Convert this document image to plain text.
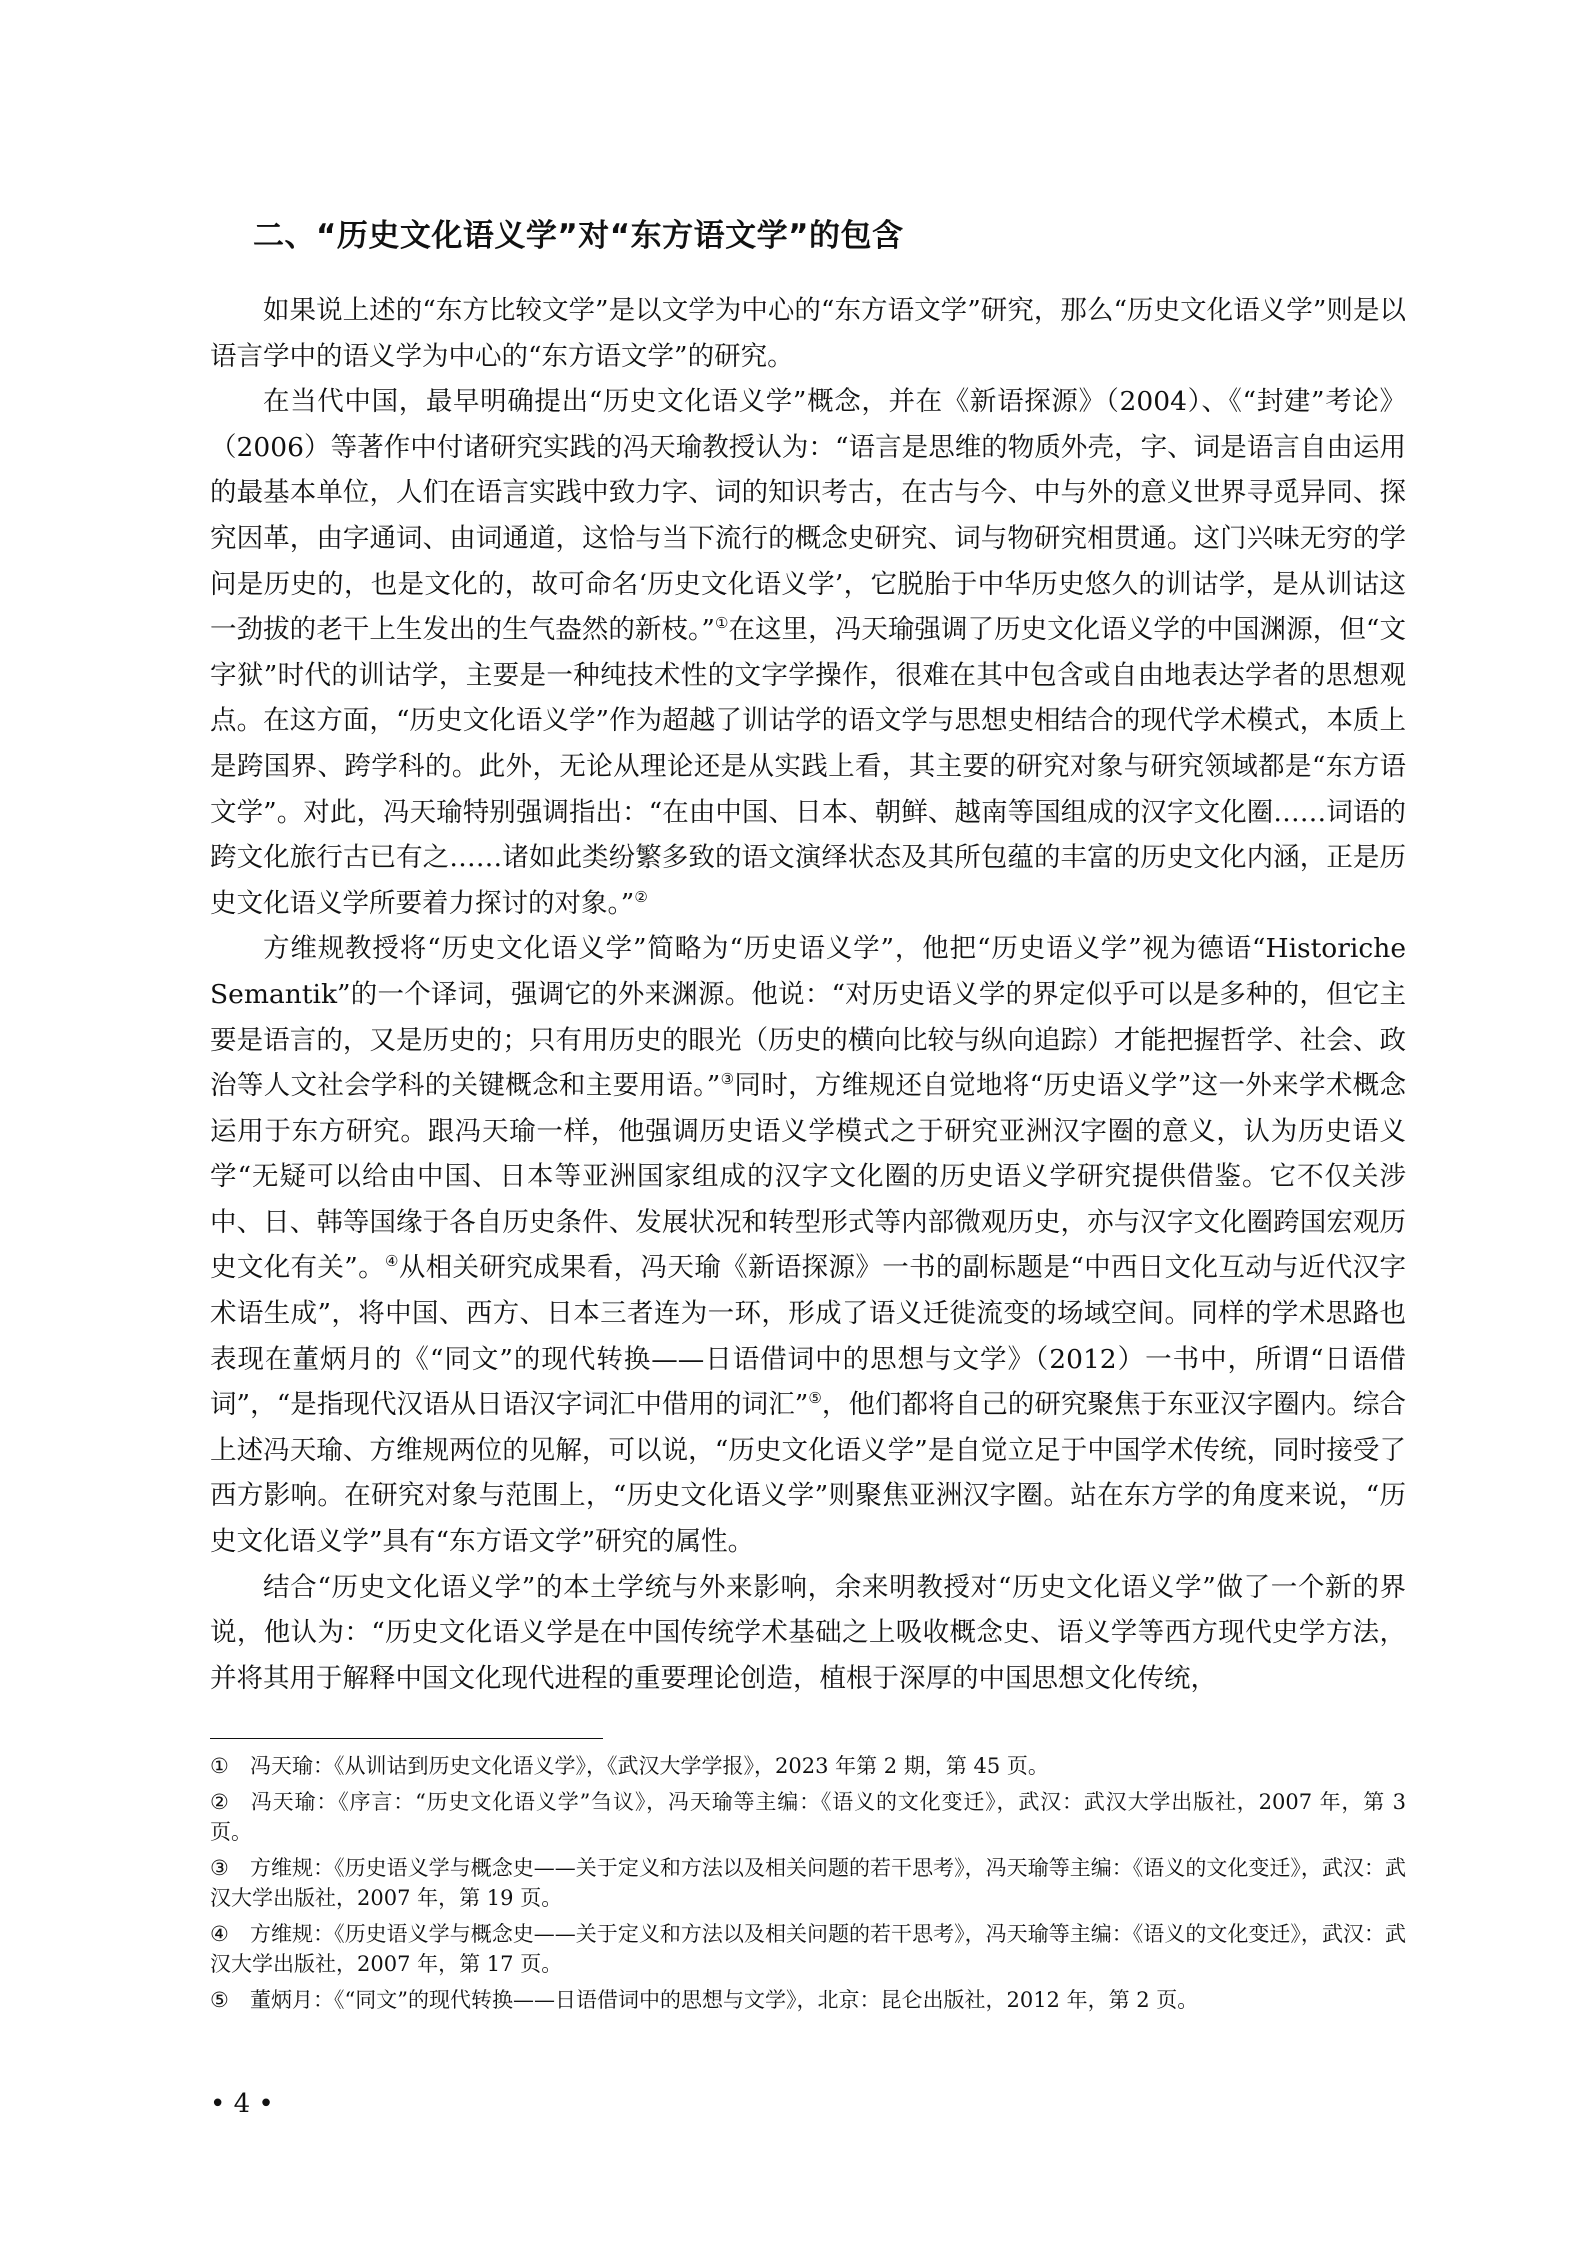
二、“历史文化语义学”对“东方语文学”的包含

如果说上述的“东方比较文学”是以文学为中心的“东方语文学”研究，那么“历史文化语义学”则是以语言学中的语义学为中心的“东方语文学”的研究。

在当代中国，最早明确提出“历史文化语义学”概念，并在《新语探源》（2004）、《“封建”考论》（2006）等著作中付诸研究实践的冯天瑜教授认为：“语言是思维的物质外壳，字、词是语言自由运用的最基本单位，人们在语言实践中致力字、词的知识考古，在古与今、中与外的意义世界寻觅异同、探究因革，由字通词、由词通道，这恰与当下流行的概念史研究、词与物研究相贯通。这门兴味无穷的学问是历史的，也是文化的，故可命名‘历史文化语义学’，它脱胎于中华历史悠久的训诂学，是从训诂这一劲拔的老干上生发出的生气盎然的新枝。”①在这里，冯天瑜强调了历史文化语义学的中国渊源，但“文字狱”时代的训诂学，主要是一种纯技术性的文字学操作，很难在其中包含或自由地表达学者的思想观点。在这方面，“历史文化语义学”作为超越了训诂学的语文学与思想史相结合的现代学术模式，本质上是跨国界、跨学科的。此外，无论从理论还是从实践上看，其主要的研究对象与研究领域都是“东方语文学”。对此，冯天瑜特别强调指出：“在由中国、日本、朝鲜、越南等国组成的汉字文化圈……词语的跨文化旅行古已有之……诸如此类纷繁多致的语文演绎状态及其所包蕴的丰富的历史文化内涵，正是历史文化语义学所要着力探讨的对象。”②

方维规教授将“历史文化语义学”简略为“历史语义学”，他把“历史语义学”视为德语“Historiche Semantik”的一个译词，强调它的外来渊源。他说：“对历史语义学的界定似乎可以是多种的，但它主要是语言的，又是历史的；只有用历史的眼光（历史的横向比较与纵向追踪）才能把握哲学、社会、政治等人文社会学科的关键概念和主要用语。”③同时，方维规还自觉地将“历史语义学”这一外来学术概念运用于东方研究。跟冯天瑜一样，他强调历史语义学模式之于研究亚洲汉字圈的意义，认为历史语义学“无疑可以给由中国、日本等亚洲国家组成的汉字文化圈的历史语义学研究提供借鉴。它不仅关涉中、日、韩等国缘于各自历史条件、发展状况和转型形式等内部微观历史，亦与汉字文化圈跨国宏观历史文化有关”。④从相关研究成果看，冯天瑜《新语探源》一书的副标题是“中西日文化互动与近代汉字术语生成”，将中国、西方、日本三者连为一环，形成了语义迁徙流变的场域空间。同样的学术思路也表现在董炳月的《“同文”的现代转换——日语借词中的思想与文学》（2012）一书中，所谓“日语借词”，“是指现代汉语从日语汉字词汇中借用的词汇”⑤，他们都将自己的研究聚焦于东亚汉字圈内。综合上述冯天瑜、方维规两位的见解，可以说，“历史文化语义学”是自觉立足于中国学术传统，同时接受了西方影响。在研究对象与范围上，“历史文化语义学”则聚焦亚洲汉字圈。站在东方学的角度来说，“历史文化语义学”具有“东方语文学”研究的属性。

结合“历史文化语义学”的本土学统与外来影响，余来明教授对“历史文化语义学”做了一个新的界说，他认为：“历史文化语义学是在中国传统学术基础之上吸收概念史、语义学等西方现代史学方法，并将其用于解释中国文化现代进程的重要理论创造，植根于深厚的中国思想文化传统，

① 冯天瑜：《从训诂到历史文化语义学》，《武汉大学学报》，2023 年第 2 期，第 45 页。
② 冯天瑜：《序言：“历史文化语义学”刍议》，冯天瑜等主编：《语义的文化变迁》，武汉：武汉大学出版社，2007 年，第 3 页。
③ 方维规：《历史语义学与概念史——关于定义和方法以及相关问题的若干思考》，冯天瑜等主编：《语义的文化变迁》，武汉：武汉大学出版社，2007 年，第 19 页。
④ 方维规：《历史语义学与概念史——关于定义和方法以及相关问题的若干思考》，冯天瑜等主编：《语义的文化变迁》，武汉：武汉大学出版社，2007 年，第 17 页。
⑤ 董炳月：《“同文”的现代转换——日语借词中的思想与文学》，北京：昆仑出版社，2012 年，第 2 页。
• 4 •
